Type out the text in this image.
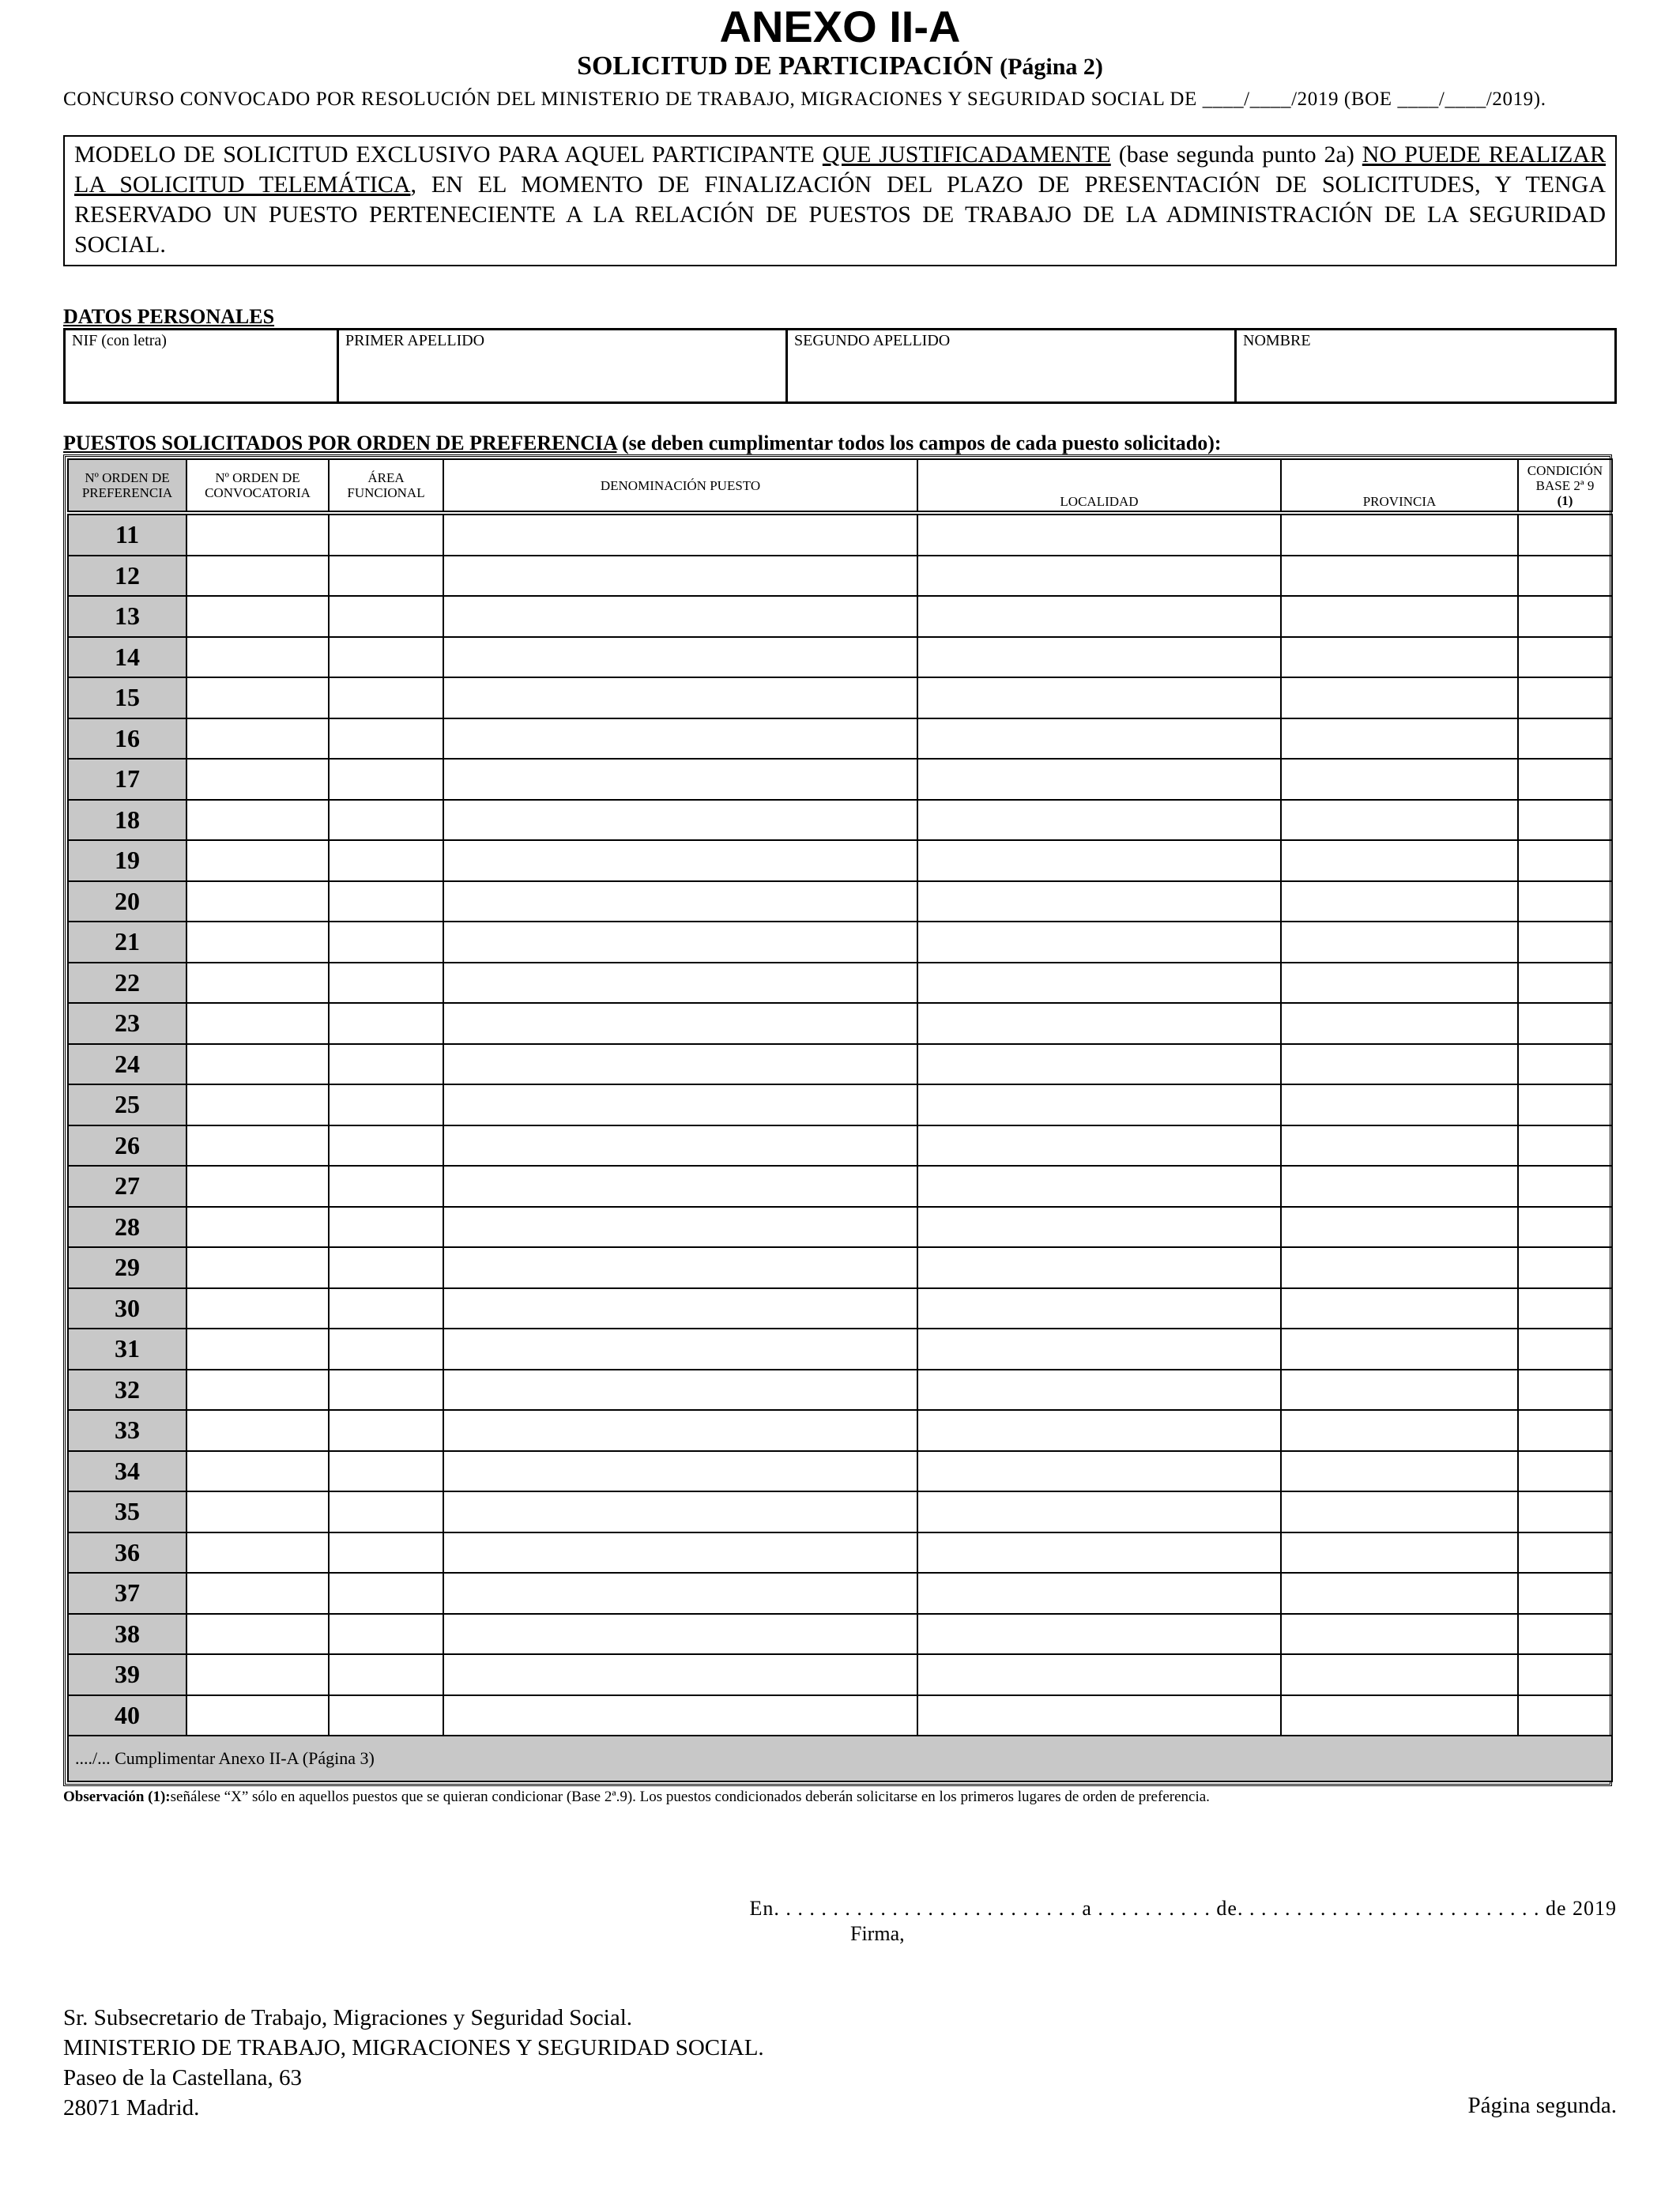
ANEXO II-A
SOLICITUD DE PARTICIPACIÓN (Página 2)
CONCURSO CONVOCADO POR RESOLUCIÓN DEL MINISTERIO DE TRABAJO, MIGRACIONES Y SEGURIDAD SOCIAL DE ____/____/2019 (BOE ____/____/2019).
MODELO DE SOLICITUD EXCLUSIVO PARA AQUEL PARTICIPANTE QUE JUSTIFICADAMENTE (base segunda punto 2a) NO PUEDE REALIZAR LA SOLICITUD TELEMÁTICA, EN EL MOMENTO DE FINALIZACIÓN DEL PLAZO DE PRESENTACIÓN DE SOLICITUDES, Y TENGA RESERVADO UN PUESTO PERTENECIENTE A LA RELACIÓN DE PUESTOS DE TRABAJO DE LA ADMINISTRACIÓN DE LA SEGURIDAD SOCIAL.
DATOS PERSONALES
NIF (con letra)	PRIMER APELLIDO	SEGUNDO APELLIDO	NOMBRE
PUESTOS SOLICITADOS POR ORDEN DE PREFERENCIA (se deben cumplimentar todos los campos de cada puesto solicitado):
Nº ORDEN DE PREFERENCIA	Nº ORDEN DE CONVOCATORIA	ÁREA FUNCIONAL	DENOMINACIÓN PUESTO	LOCALIDAD	PROVINCIA	CONDICIÓN BASE 2ª 9
(1)

11						
12						
13						
14						
15						
16						
17						
18						
19						
20						
21						
22						
23						
24						
25						
26						
27						
28						
29						
30						
31						
32						
33						
34						
35						
36						
37						
38						
39						
40						
..../... Cumplimentar Anexo II-A (Página 3)						
Observación (1):señálese “X” sólo en aquellos puestos que se quieran condicionar (Base 2ª.9). Los puestos condicionados deberán solicitarse en los primeros lugares de orden de preferencia.
En. . . . . . . . . . . . . . . . . . . . . . . . . . a . . . . . . . . . . de. . . . . . . . . . . . . . . . . . . . . . . . . . de 2019
Firma,
Sr. Subsecretario de Trabajo, Migraciones y Seguridad Social.
MINISTERIO DE TRABAJO, MIGRACIONES Y SEGURIDAD SOCIAL.
Paseo de la Castellana, 63
28071 Madrid.	Página segunda.
